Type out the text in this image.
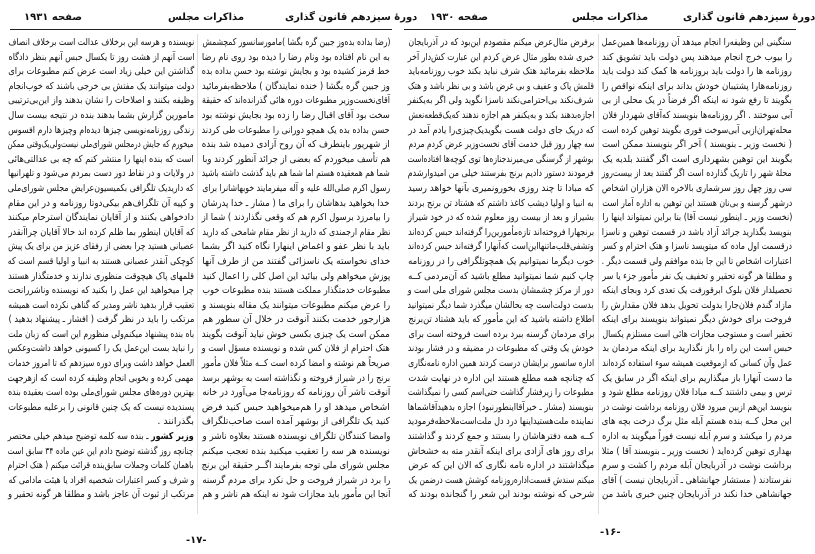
صفحه ۱۹۳۱	مذاکرات مجلس	دورهٔ سیزدهم قانون گذاری
(رضا بداده بده‌وز جبین گره بگشا )مامورسانسور کمچشمش
به این نام افتاده بود ونام رضا را دیده بود روی نام رضا
خط قرمز کشیده بود و بجایش نوشته بود حسن بداده بده
وز جبین گره بگشا ( خنده نمایندگان ) ملاحظه‌بفرمائید
آقای‌نخست‌وزیر مطبوعات دوره هائی گذرانده‌اند که حقیقة
سخت بود آقای اقبال رضا را زده بود بجایش نوشته بود
حسن بداده بده یک همچو دورانی را مطبوعات طی کردند
از شهریور باینطرف که آن روح آزادی دمیده شد بنده
هم تأسف میخوردم که بعضی از جرائد آنطور کردند وبا
شما هم همعقیده هستم اما شما هم باید گذشت داشته باشید
رسول اکرم صلی‌الله علیه و آله میفرمایند خوبهاشانرا برای
خدا بخواهید بدهاشان را برای ما ( مشار ـ خدا پدرشان
را بیامرزد برسول اکرم هم که وقعی نگذاردند ) شما از
نظر مقام ارجمندی که دارید از نظر مقام شامخی که دارید
باید با نظر عفو و اغماض اینهارا نگاه کنید اگر بشما
خدای نخواسته یک ناسزائی گفتند من از طرف آنها
پوزش میخواهم ولی بیائید این اصل کلی را اعمال کنید
مطبوعات خدمتگذار مملکت هستند بنده مطبوعات خوب
را عرض میکنم مطبوعات میتوانند یک مقاله بنویسند و
هزارجور خدمت بکنند آنوقت در خلال آن سطور هم
ممکن است یک چیزی بکسی خوش نیاید آنوقت بگویند
هتک احترام از فلان کس شده و نویسنده مسؤل است و
صریحاً هم نوشته و امضا کرده است کــه مثلاً فلان مأمور
برنج را در شیراز فروخته و نگذاشته است به بوشهر برسد
آنوقت ناشر آن روزنامه که روزنامه‌جا می‌آورد در خانه
اشخاص میدهد او را هم‌میخواهید حبس کنید فرض
کنید یک تلگرافی از بوشهر آمده است صاحب‌تلگراف
وامضا کنندگان تلگراف نویسنده هستند بعلاوه ناشر و
نویسنده هر سه را تعقیب میکنید بنده تعجب میکنم
مجلس شورای ملی توجه بفرمایند اگــر حقیقة این برنج
را برد در شیراز فروخت و حل نکرد برای مردم گرسنه
آنجا این مأمور باید مجازات شود نه اینکه هم ناشر و هم
نویسنده و هرسه این برخلاف عدالت است برخلاف انصاف
است آنهم از هشت روز تا یکسال حبس آنهم بنظر دادگاه
گذاشتن این خیلی زیاد است عرض کنم مطبوعات برای
دولت میتوانند یک مفتش بی خرجی باشند که خوب‌انجام
وظیفه بکنند و اصلاحات را نشان بدهند واز این‌بی‌ترتیبی
مامورین گزارش بشما بدهند بنده در نتیجه بیست سال
زندگی روزنامه‌نویسی چیزها دیده‌ام وچیزها دارم افسوس
میخورم که جایش درمجلس شورای‌ملی نیست‌ولی‌یک‌وقتی ممکن
است که بنده اینها را منتشر کنم که چه بی عدالتی‌هائی
در ولایات و در نقاط دور دست بمردم می‌شود و تلهرانیها
که داریدیک تلگرافی بکمیسیون‌عرایض مجلس شورای‌ملی
و کپیه آن تلگراف‌هم بیکی‌دوتا روزنامه و در این مقام
دادخواهی بکنند و از آقایان نمایندگان استرحام میکنند
که آقایان اینطور بما ظلم کرده اند حالا آقایان چراآنقدر
عصبانی هستید چرا بعضی از رفقای عزیز من برای یک پیش
کوچکی آنقدر عصبانی هستند به انبیا و اولیا قسم است که
قلمهای پاک هیچوقت منظوری ندارند و خدمتگذار هستند
چرا میخواهید این عمل را بکنید که نویسنده وناشررانحت
تعقیب قرار بدهید ناشر ومدیر که گناهی نکرده است همیشه
مرتکب را باید در نظر گرفت ( افشار ـ پیشنهاد بدهید )
باه بنده پیشنهاد میکنم‌ولی منظورم این است که زبان ملت
را نباید بست این‌عمل یک را کسیونی خواهد داشت‌وعکس
العمل خواهد داشت وبرای دوره سیزدهم که تا امروز خدمات
مهمی کرده و بخوبی انجام وظیفه کرده است که ازهرجهت
بهترین دوره‌های مجلس شورای‌ملی بوده است بعقیده بنده
پسندیده نیست که یک چنین قانونی را برعلیه مطبوعات
بگذرانند .
وزیر کشور ـ بنده سه کلمه توضیح میدهم خیلی مختصر
چنانچه روز گذشته توضیح دادم این عین ماده ۳۴ سابق است
باهمان کلمات وجملات سابق‌بنده قرائت میکنم ( هتک احترام
و شرف و کسر اعتبارات شخصیه افراد یا هیئت مادامی که
مرتکب از ثبوت آن عاجز باشد و مطلقا هر گونه تحقیر و
-۱۷-
صفحه ۱۹۳۰	مذاکرات مجلس	دورهٔ سیزدهم قانون گذاری
ستگینی این وظیفه‌را انجام میدهد آن روزنامه‌ها همین‌عمل
را بیوب خرج انجام میدهند پس دولت باید تشویق کند
روزنامه ها را دولت باید بروزنامه ها کمک کند دولت باید
روزنامه‌هارا پشتیبان خودش بداند برای اینکه نواقص را
بگویند تا رفع شود نه اینکه اگر فرضاً در یک محلی از بی
آبی سوختند . اگر روزنامه‌ها بنویسند که‌آقای شهردار فلان
محله‌تهران‌ازبی آبی‌سوخت فوری بگویند توهین کرده است
( نخست وزیر ـ بنویسند ) آخر اگر بنویسند ممکن است
بگویند این توهین بشهرداری است اگر گفتند بلدیه یک
محلهٔ شهر را تاریک گذارده است اگر گفتند بعد از بیست‌روز
سی روز چهل روز سرشماری بالاخره الان هزاران اشخاص
درشهر گرسنه و بی‌نان هستند این توهین به اداره آمار است
(نخست وزیر ـ اینطور نیست آقا) بنا براین نمیتواند اینها را
بنویسد بگذارید جرائد آزاد باشد در قسمت توهین و ناسزا
درقسمت اول ماده که میتویسد ناسزا و هتک احترام و کسر
اعتبارات اشخاص تا این جا بنده موافقم ولی قسمت دیگر .
و مطلقا هر گونه تحقیر و تخفیف یک نفر مأمور جزء یا سر
تحصیلدار فلان بلوک ابرقورفت یک تعدی کرد وبجای اینکه
مازاد گندم فلان‌جارا بدولت تحویل بدهد فلان مقدارش را
فروخت برای خودش دیگر نمیتواند بنویسند برای اینکه
تحقیر است و مستوجب مجازات هائی است مستلزم یکسال
حبس است این راه را باز نگذارید برای اینکه مردمان بد
عمل وآن کسانی که ازموقعیت همیشه سوء استفاده کرده‌اند
ما دست آنهارا باز میگذاریم برای اینکه اگر در سابق یک
ترس و بیمی داشتند کــه مبادا فلان روزنامه مطلع شود و
بنویسد این‌هم ازبین میرود فلان روزنامه برداشت نوشت در
این محل کــه بنده هستم آبله مثل برگ درخت بچه های
مردم را میکشد و سرم آبله نیست فوراً میگویند به اداره
بهداری توهین کرده‌اید ( نخست وزیر ـ بنویسند آقا ) مثلا
برداشت نوشت در آذربایجان آبله مردم را کشت و سرم
نفرستادند ( مستشار جهانشاهی ـ آذربایجان نیست ) آقای
جهانشاهی خدا نکند در آذربایجان چنین خبری باشد من
برفرض مثال‌عرض میکنم مقصودم این‌بود که در آذربایجان
خبری شده بطور مثال عرض کردم این عبارت کش‌دار آخر
ملاحظه بفرمائید هتک شرف نباید بکند خوب روزنامه‌باید
قلمش پاک و عفیف و بی غرض باشد و بی نظر باشد و هتک
شرف‌نکند بی‌احترامی‌نکند ناسزا نگوید ولی اگر به‌یکنفر
اجازه‌بدهند بکند و به‌یکنفر هم اجازه ندهند که‌یک‌قطعه‌نعش
که دریک جای دولت هست بگویدیک‌چیزی‌را یادم آمد در
سه چهار روز قبل خدمت آقای نخست‌وزیر عرض کردم مردم
بوشهر از گرسنگی می‌میرند‌جنازه‌ها توی کوچه‌ها افتاده‌است
فرمودند دستور دادیم برنج بفرستند خیلی من امیدوارشدم
که مبادا تا چند روزی بخورونمیری بآنها خواهد رسید
به انبیا و اولیا دیشب کاغذ داشتم که هشتاد تن برنج بردند
بشیراز و بعد از بیست روز معلوم شده که در خود شیراز
برنجهارا فروخته‌اند تازه‌مأمورین‌را گرفته‌اند حبس کرده‌اند
وتشفی‌قلب‌ماتنها‌این‌است که‌آنهارا گرفته‌اند حبس کرده‌اند
خوب دیگرما نمیتوانیم یک همچوتلگرافی را در روزنامه
چاپ کنیم شما نمیتوانید مطلع باشید که آن‌مردمی کــه
دور از مرکز چشمشان بدست مجلس شورای ملی است و
بدست دولت‌است چه بحالشان میگذرد شما دیگر نمیتوانید
اطلاع داشته باشید که این مأمور که باید هشتاد تن‌برنج
برای مردمان گرسنه ببرد برده است فروخته است برای
خودش یک وقتی که مطبوعات در مضیقه و در فشار بودند
اداره سانسور برایشان درست کردند همین اداره نامه‌نگاری
که چنانچه همه مطلع هستند این اداره در نهایت شدت
مطبوعات را زیرفشار گذاشت حتی‌اسم کسی را نمیگذاشت
بنویسند (مشار ـ خیرآقااینطورنبود) اجازه بدهیدآقاشماها
نماینده ملت‌هستید‌اینها درد دل ملت‌است‌ملاحظه‌فرمودید
کــه همه دفترهاشان را بستند و جمع کردند و گذاشتند
برای روز های آزادی برای اینکه آنقدر مته به خشخاش
میگذاشتند در اداره نامه نگاری که الان این که عرض
میکنم سندش قسمت‌اداره‌روزنامه کوشش هست درضمن یک
شرحی که نوشته بودند این شعر را گنجانده بودند که
-۱۶-
